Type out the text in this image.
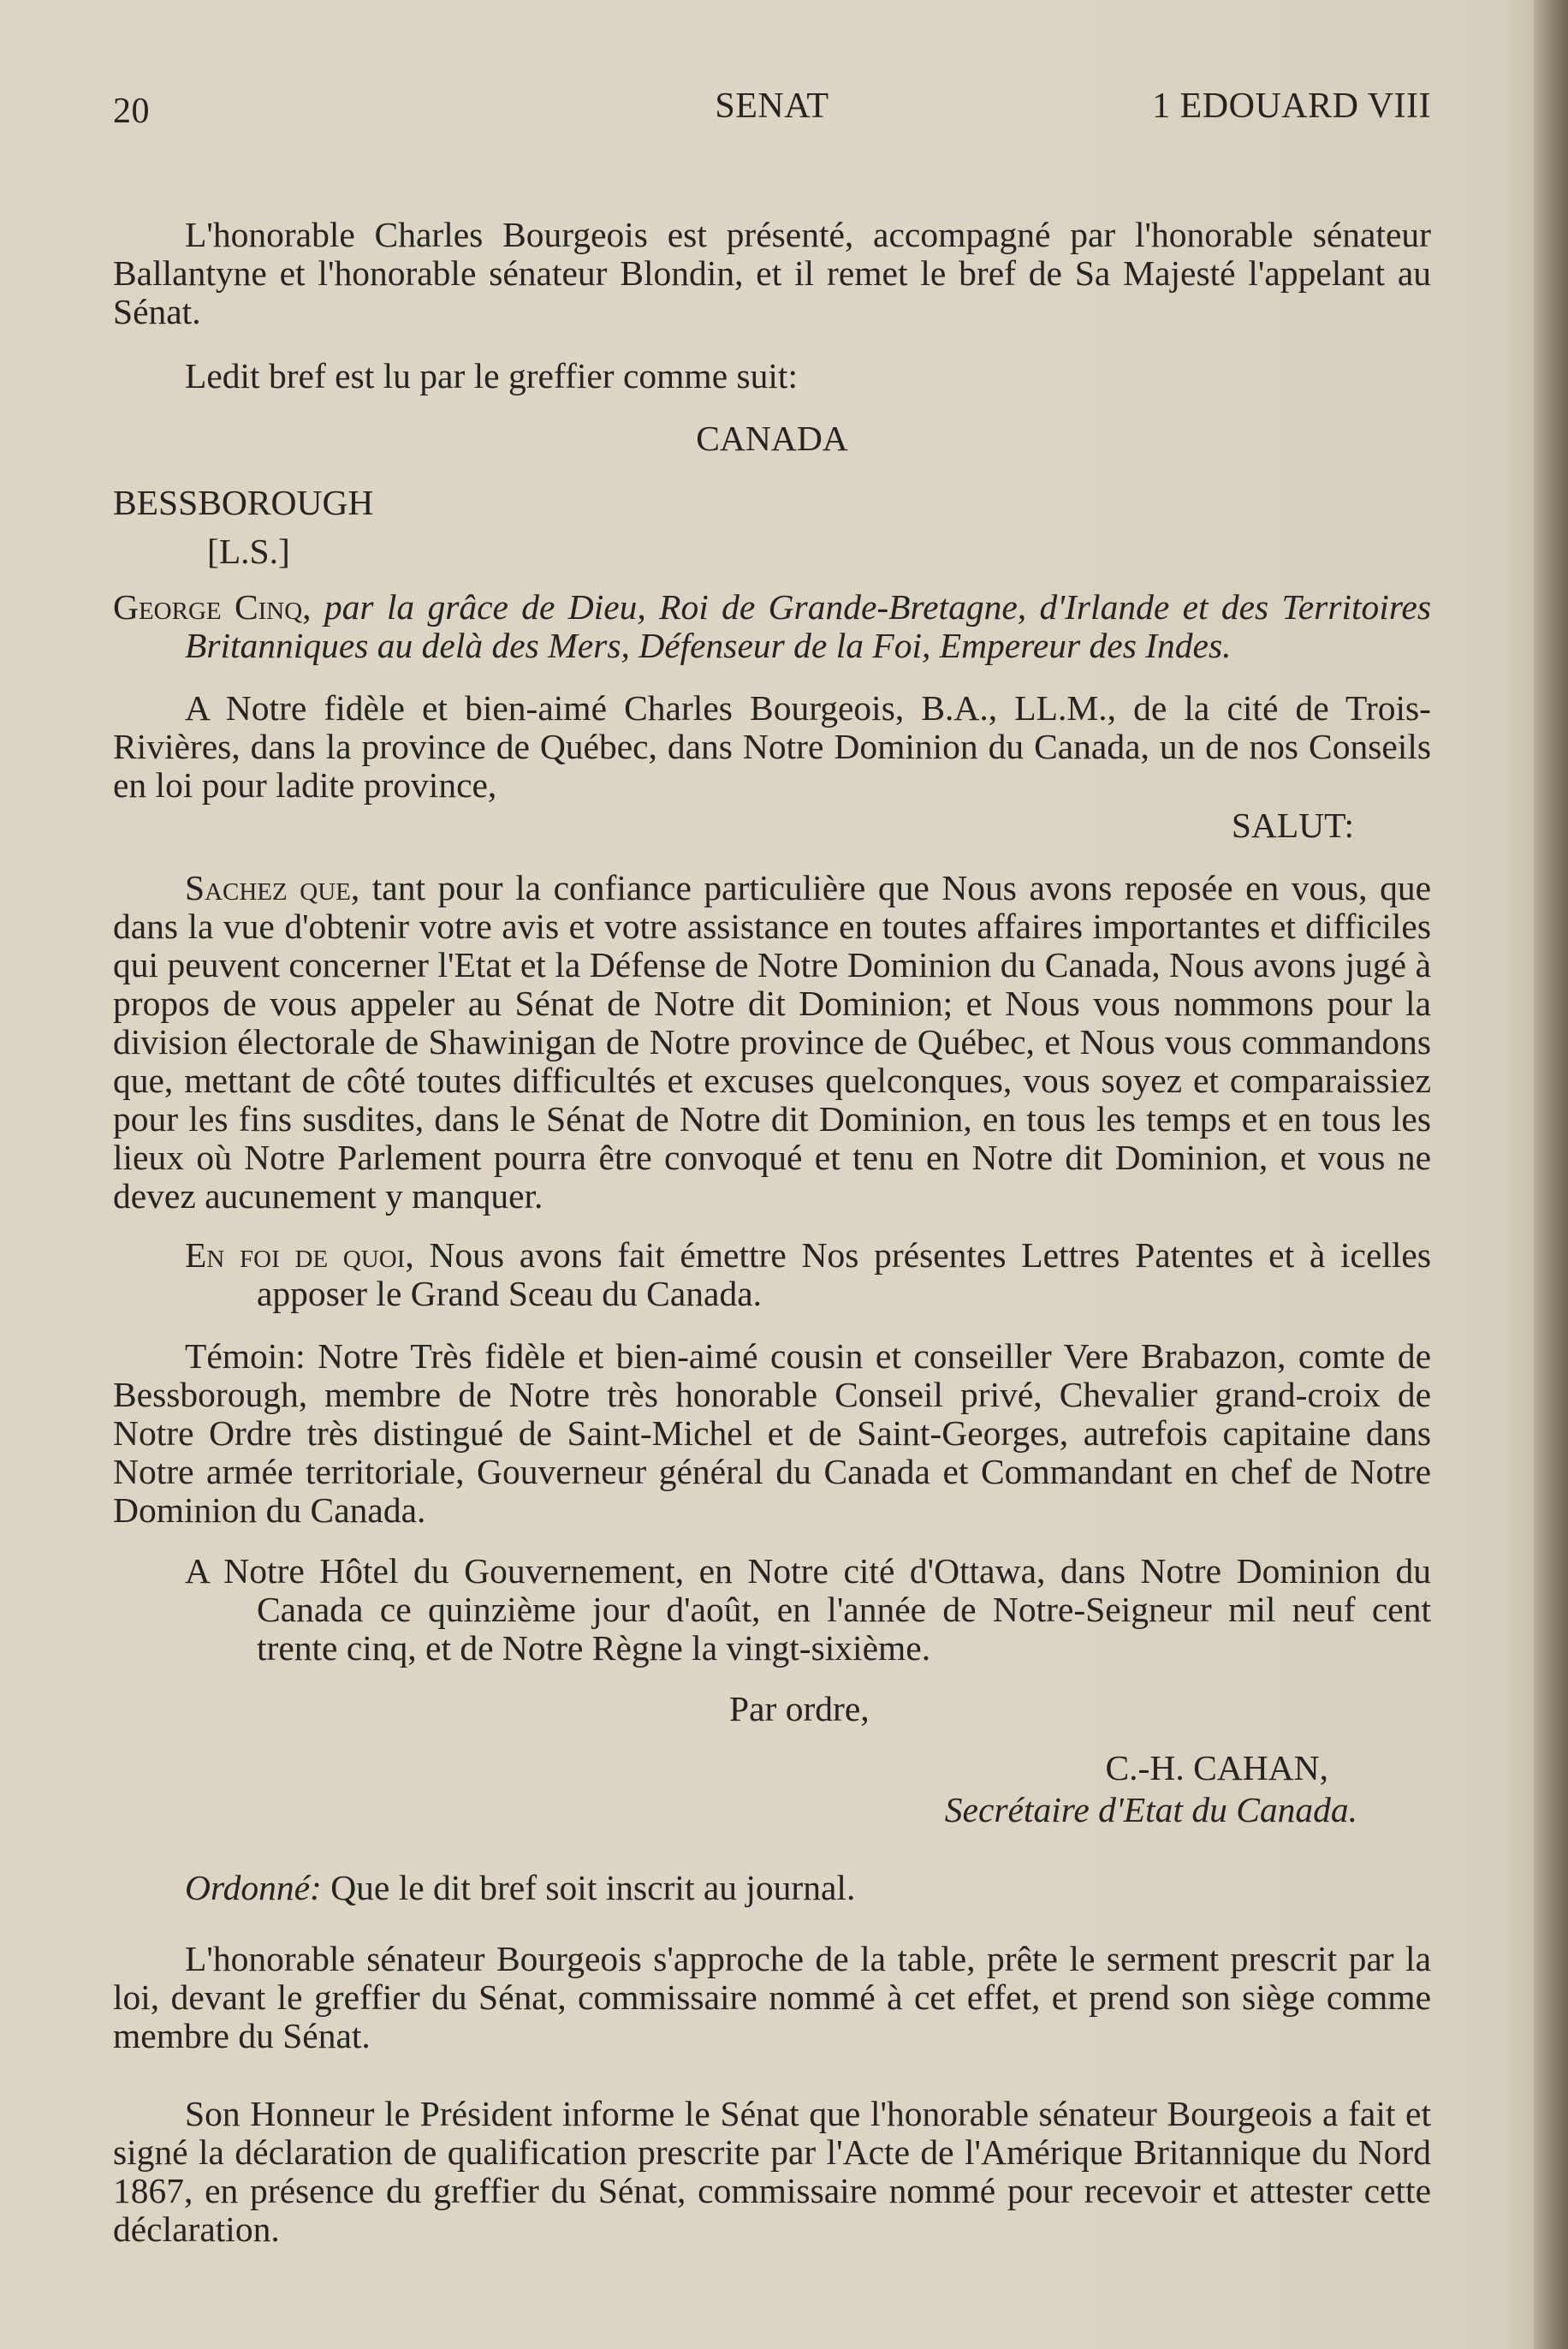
20	SENAT	1 EDOUARD VIII

L'honorable Charles Bourgeois est présenté, accompagné par l'honorable sénateur Ballantyne et l'honorable sénateur Blondin, et il remet le bref de Sa Majesté l'appelant au Sénat.

Ledit bref est lu par le greffier comme suit:

CANADA

BESSBOROUGH

[L.S.]

George Cinq, par la grâce de Dieu, Roi de Grande-Bretagne, d'Irlande et des Territoires Britanniques au delà des Mers, Défenseur de la Foi, Empereur des Indes.

A Notre fidèle et bien-aimé Charles Bourgeois, B.A., LL.M., de la cité de Trois-Rivières, dans la province de Québec, dans Notre Dominion du Canada, un de nos Conseils en loi pour ladite province,

SALUT:

Sachez que, tant pour la confiance particulière que Nous avons reposée en vous, que dans la vue d'obtenir votre avis et votre assistance en toutes affaires importantes et difficiles qui peuvent concerner l'Etat et la Défense de Notre Dominion du Canada, Nous avons jugé à propos de vous appeler au Sénat de Notre dit Dominion; et Nous vous nommons pour la division électorale de Shawinigan de Notre province de Québec, et Nous vous commandons que, mettant de côté toutes difficultés et excuses quelconques, vous soyez et comparaissiez pour les fins susdites, dans le Sénat de Notre dit Dominion, en tous les temps et en tous les lieux où Notre Parlement pourra être convoqué et tenu en Notre dit Dominion, et vous ne devez aucunement y manquer.

En foi de quoi, Nous avons fait émettre Nos présentes Lettres Patentes et à icelles apposer le Grand Sceau du Canada.

Témoin: Notre Très fidèle et bien-aimé cousin et conseiller Vere Brabazon, comte de Bessborough, membre de Notre très honorable Conseil privé, Chevalier grand-croix de Notre Ordre très distingué de Saint-Michel et de Saint-Georges, autrefois capitaine dans Notre armée territoriale, Gouverneur général du Canada et Commandant en chef de Notre Dominion du Canada.

A Notre Hôtel du Gouvernement, en Notre cité d'Ottawa, dans Notre Dominion du Canada ce quinzième jour d'août, en l'année de Notre-Seigneur mil neuf cent trente cinq, et de Notre Règne la vingt-sixième.

Par ordre,

C.-H. CAHAN,

Secrétaire d'Etat du Canada.

Ordonné: Que le dit bref soit inscrit au journal.

L'honorable sénateur Bourgeois s'approche de la table, prête le serment prescrit par la loi, devant le greffier du Sénat, commissaire nommé à cet effet, et prend son siège comme membre du Sénat.

Son Honneur le Président informe le Sénat que l'honorable sénateur Bourgeois a fait et signé la déclaration de qualification prescrite par l'Acte de l'Amérique Britannique du Nord 1867, en présence du greffier du Sénat, commissaire nommé pour recevoir et attester cette déclaration.
